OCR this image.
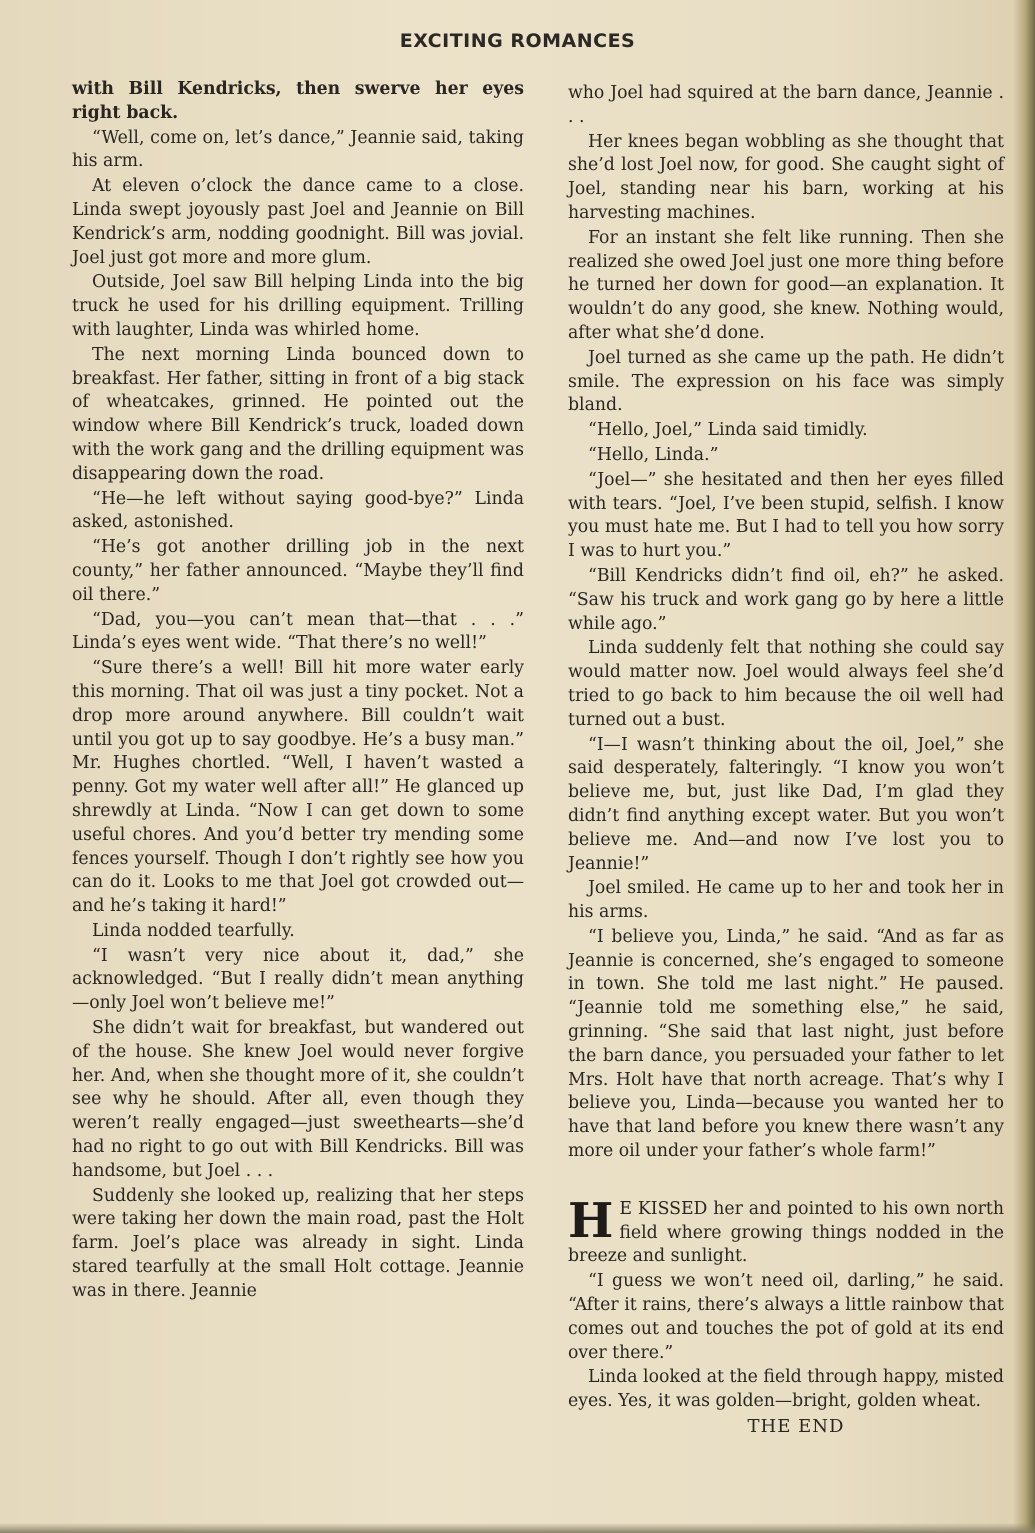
EXCITING ROMANCES

with Bill Kendricks, then swerve her eyes right back.

“Well, come on, let’s dance,” Jeannie said, taking his arm.

At eleven o’clock the dance came to a close. Linda swept joyously past Joel and Jeannie on Bill Kendrick’s arm, nodding goodnight. Bill was jovial. Joel just got more and more glum.

Outside, Joel saw Bill helping Linda into the big truck he used for his drilling equipment. Trilling with laughter, Linda was whirled home.

The next morning Linda bounced down to breakfast. Her father, sitting in front of a big stack of wheatcakes, grinned. He pointed out the window where Bill Kendrick’s truck, loaded down with the work gang and the drilling equipment was disappearing down the road.

“He—he left without saying good-bye?” Linda asked, astonished.

“He’s got another drilling job in the next county,” her father announced. “Maybe they’ll find oil there.”

“Dad, you—you can’t mean that—that . . .” Linda’s eyes went wide. “That there’s no well!”

“Sure there’s a well! Bill hit more water early this morning. That oil was just a tiny pocket. Not a drop more around anywhere. Bill couldn’t wait until you got up to say goodbye. He’s a busy man.” Mr. Hughes chortled. “Well, I haven’t wasted a penny. Got my water well after all!” He glanced up shrewdly at Linda. “Now I can get down to some useful chores. And you’d better try mending some fences yourself. Though I don’t rightly see how you can do it. Looks to me that Joel got crowded out—and he’s taking it hard!”

Linda nodded tearfully.

“I wasn’t very nice about it, dad,” she acknowledged. “But I really didn’t mean anything—only Joel won’t believe me!”

She didn’t wait for breakfast, but wandered out of the house. She knew Joel would never forgive her. And, when she thought more of it, she couldn’t see why he should. After all, even though they weren’t really engaged—just sweethearts—she’d had no right to go out with Bill Kendricks. Bill was handsome, but Joel . . .

Suddenly she looked up, realizing that her steps were taking her down the main road, past the Holt farm. Joel’s place was already in sight. Linda stared tearfully at the small Holt cottage. Jeannie was in there. Jeannie

who Joel had squired at the barn dance, Jeannie . . .

Her knees began wobbling as she thought that she’d lost Joel now, for good. She caught sight of Joel, standing near his barn, working at his harvesting machines.

For an instant she felt like running. Then she realized she owed Joel just one more thing before he turned her down for good—an explanation. It wouldn’t do any good, she knew. Nothing would, after what she’d done.

Joel turned as she came up the path. He didn’t smile. The expression on his face was simply bland.

“Hello, Joel,” Linda said timidly.

“Hello, Linda.”

“Joel—” she hesitated and then her eyes filled with tears. “Joel, I’ve been stupid, selfish. I know you must hate me. But I had to tell you how sorry I was to hurt you.”

“Bill Kendricks didn’t find oil, eh?” he asked. “Saw his truck and work gang go by here a little while ago.”

Linda suddenly felt that nothing she could say would matter now. Joel would always feel she’d tried to go back to him because the oil well had turned out a bust.

“I—I wasn’t thinking about the oil, Joel,” she said desperately, falteringly. “I know you won’t believe me, but, just like Dad, I’m glad they didn’t find anything except water. But you won’t believe me. And—and now I’ve lost you to Jeannie!”

Joel smiled. He came up to her and took her in his arms.

“I believe you, Linda,” he said. “And as far as Jeannie is concerned, she’s engaged to someone in town. She told me last night.” He paused. “Jeannie told me something else,” he said, grinning. “She said that last night, just before the barn dance, you persuaded your father to let Mrs. Holt have that north acreage. That’s why I believe you, Linda—because you wanted her to have that land before you knew there wasn’t any more oil under your father’s whole farm!”

H E KISSED her and pointed to his own north field where growing things nodded in the breeze and sunlight.

“I guess we won’t need oil, darling,” he said. “After it rains, there’s always a little rainbow that comes out and touches the pot of gold at its end over there.”

Linda looked at the field through happy, misted eyes. Yes, it was golden—bright, golden wheat.

THE END
